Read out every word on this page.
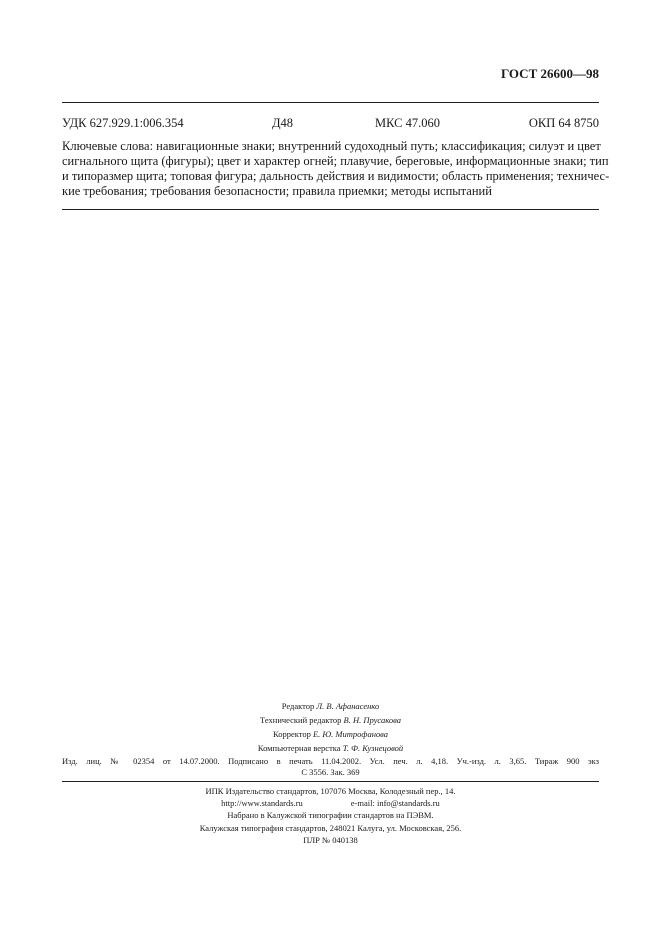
ГОСТ 26600—98
УДК 627.929.1:006.354	Д48	МКС 47.060	ОКП 64 8750
Ключевые слова: навигационные знаки; внутренний судоходный путь; классификация; силуэт и цвет
сигнального щита (фигуры); цвет и характер огней; плавучие, береговые, информационные знаки; тип
и типоразмер щита; топовая фигура; дальность действия и видимости; область применения; техничес-
кие требования; требования безопасности; правила приемки; методы испытаний
Редактор Л. В. Афанасенко
Технический редактор В. Н. Прусакова
Корректор Е. Ю. Митрофанова
Компьютерная верстка Т. Ф. Кузнецовой
Изд. лиц. № 02354 от 14.07.2000. Подписано в печать 11.04.2002. Усл. печ. л. 4,18. Уч.-изд. л. 3,65. Тираж 900 экз
С 3556. Зак. 369
ИПК Издательство стандартов, 107076 Москва, Колодезный пер., 14.
http://www.standards.ru	e-mail: info@standards.ru
Набрано в Калужской типографии стандартов на ПЭВМ.
Калужская типография стандартов, 248021 Калуга, ул. Московская, 256.
ПЛР № 040138
